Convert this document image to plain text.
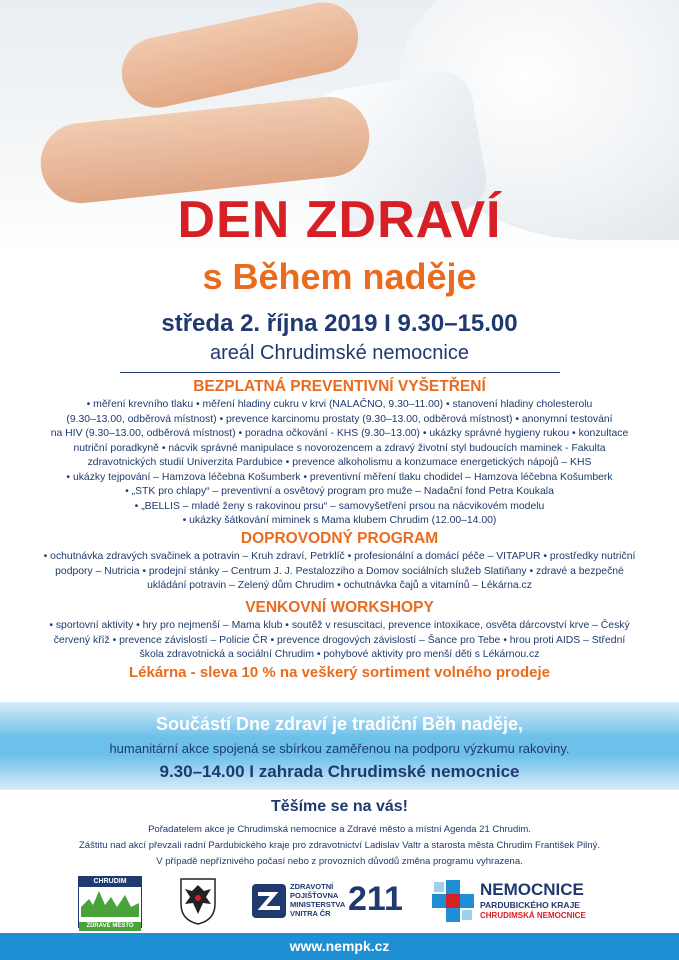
DEN ZDRAVÍ
s Během naděje
středa 2. října 2019 I 9.30–15.00
areál Chrudimské nemocnice

BEZPLATNÁ PREVENTIVNÍ VYŠETŘENÍ

• měření krevního tlaku • měření hladiny cukru v krvi (NALAČNO, 9.30–11.00) • stanovení hladiny cholesterolu
(9.30–13.00, odběrová místnost) • prevence karcinomu prostaty (9.30–13.00, odběrová místnost) • anonymní testování
na HIV (9.30–13.00, odběrová místnost) • poradna očkování - KHS (9.30–13.00) • ukázky správné hygieny rukou • konzultace
nutriční poradkyně • nácvik správné manipulace s novorozencem a zdravý životní styl budoucích maminek - Fakulta
zdravotnických studií Univerzita Pardubice • prevence alkoholismu a konzumace energetických nápojů – KHS
• ukázky tejpování – Hamzova léčebna Košumberk • preventivní měření tlaku chodidel – Hamzova léčebna Košumberk
• „STK pro chlapy“ – preventivní a osvětový program pro muže – Nadační fond Petra Koukala
• „BELLIS – mladé ženy s rakovinou prsu“ – samovyšetření prsou na nácvikovém modelu
• ukázky šátkování miminek s Mama klubem Chrudim (12.00–14.00)

DOPROVODNÝ PROGRAM

• ochutnávka zdravých svačinek a potravin – Kruh zdraví, Petrklíč • profesionální a domácí péče – VITAPUR • prostředky nutriční
podpory – Nutricia • prodejní stánky – Centrum J. J. Pestalozziho a Domov sociálních služeb Slatiňany • zdravé a bezpečné
ukládání potravin – Zelený dům Chrudim • ochutnávka čajů a vitamínů – Lékárna.cz

VENKOVNÍ WORKSHOPY

• sportovní aktivity • hry pro nejmenší – Mama klub • soutěž v resuscitaci, prevence intoxikace, osvěta dárcovství krve – Český
červený kříž • prevence závislostí – Policie ČR • prevence drogových závislostí – Šance pro Tebe • hrou proti AIDS – Střední
škola zdravotnická a sociální Chrudim • pohybové aktivity pro menší děti s Lékárnou.cz

Lékárna - sleva 10 % na veškerý sortiment volného prodeje

Součástí Dne zdraví je tradiční Běh naděje,
humanitární akce spojená se sbírkou zaměřenou na podporu výzkumu rakoviny.
9.30–14.00 I zahrada Chrudimské nemocnice
Těšíme se na vás!
Pořadatelem akce je Chrudimská nemocnice a Zdravé město a místní Agenda 21 Chrudim.
Záštitu nad akcí převzali radní Pardubického kraje pro zdravotnictví Ladislav Valtr a starosta města Chrudim František Pilný.
V případě nepříznivého počasí nebo z provozních důvodů změna programu vyhrazena.
CHRUDIM
ZDRAVÉ MĚSTO
ZDRAVOTNÍ
POJIŠŤOVNA
MINISTERSTVA
VNITRA ČR 211	NEMOCNICE
PARDUBICKÉHO KRAJE
CHRUDIMSKÁ NEMOCNICE
www.nempk.cz
